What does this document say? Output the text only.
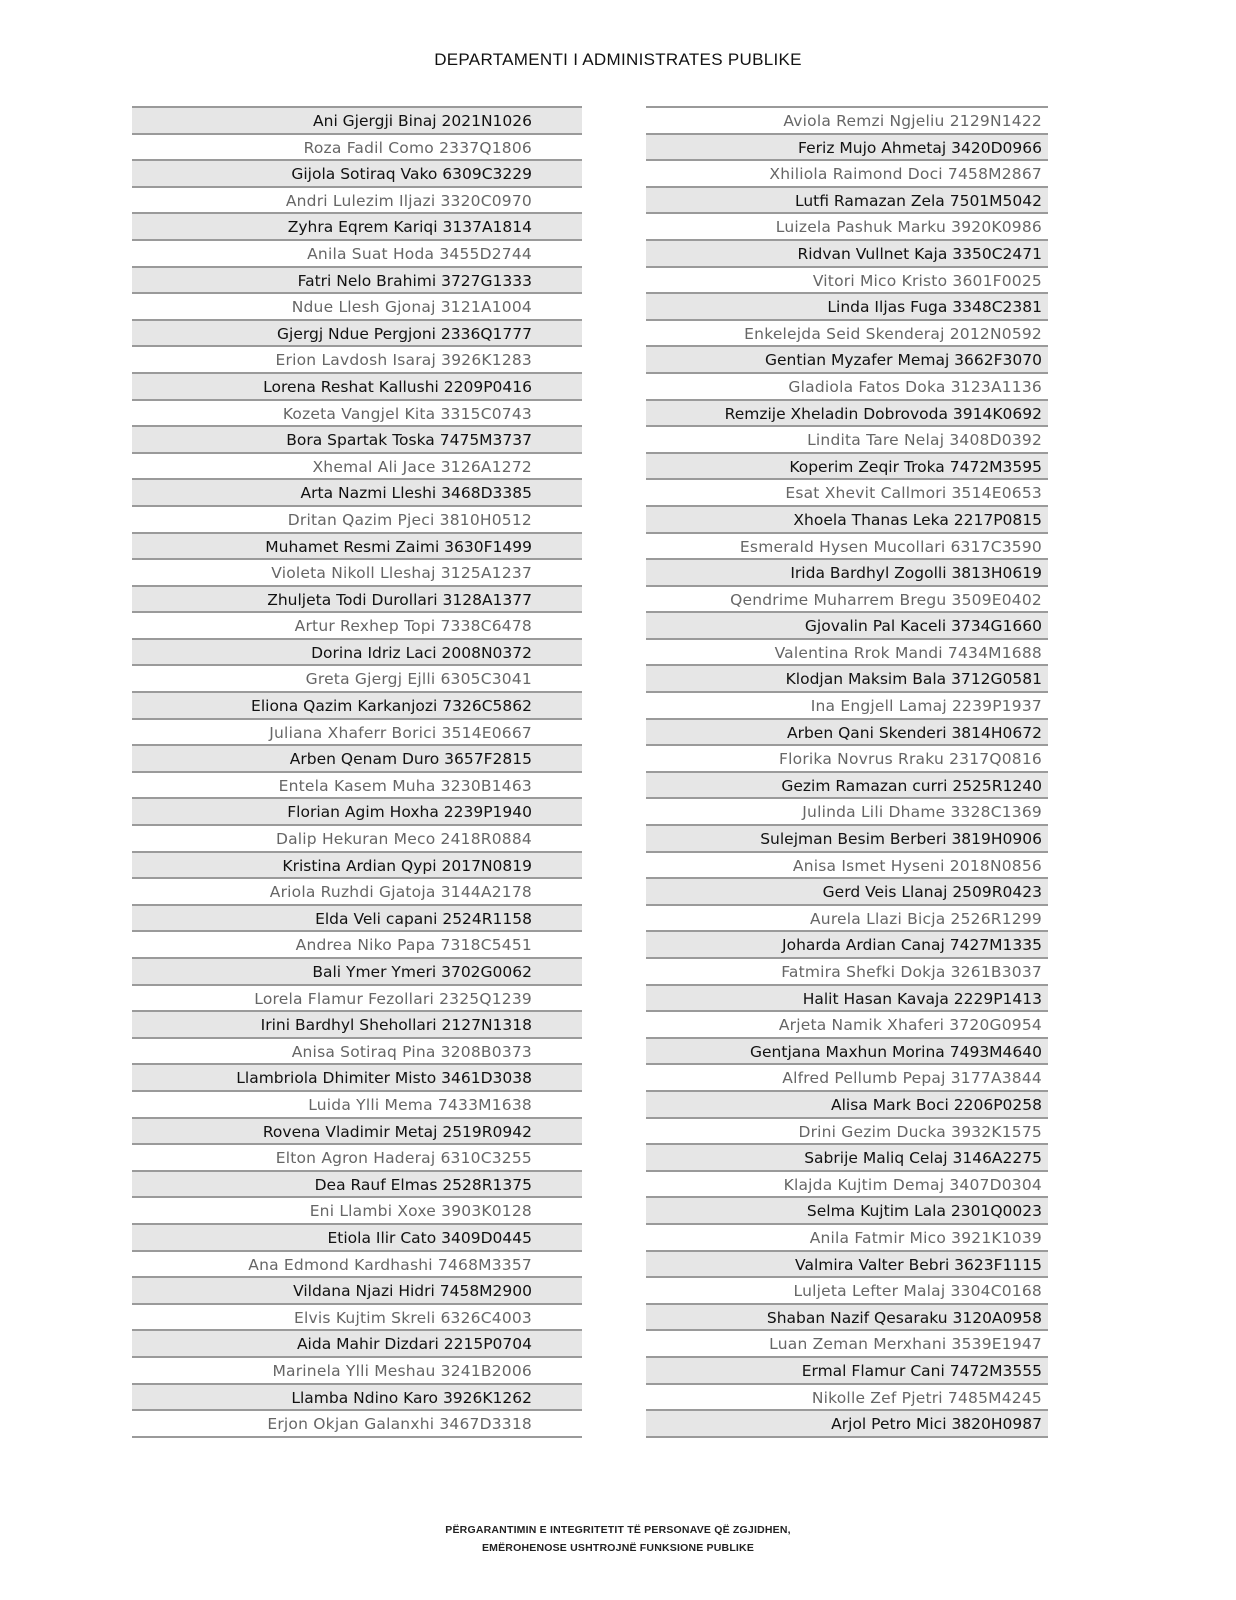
DEPARTAMENTI I ADMINISTRATES PUBLIKE
Ani Gjergji Binaj 2021N1026
Roza Fadil Como 2337Q1806
Gijola Sotiraq Vako 6309C3229
Andri Lulezim Iljazi 3320C0970
Zyhra Eqrem Kariqi 3137A1814
Anila Suat Hoda 3455D2744
Fatri Nelo Brahimi 3727G1333
Ndue Llesh Gjonaj 3121A1004
Gjergj Ndue Pergjoni 2336Q1777
Erion Lavdosh Isaraj 3926K1283
Lorena Reshat Kallushi 2209P0416
Kozeta Vangjel Kita 3315C0743
Bora Spartak Toska 7475M3737
Xhemal Ali Jace 3126A1272
Arta Nazmi Lleshi 3468D3385
Dritan Qazim Pjeci 3810H0512
Muhamet Resmi Zaimi 3630F1499
Violeta Nikoll Lleshaj 3125A1237
Zhuljeta Todi Durollari 3128A1377
Artur Rexhep Topi 7338C6478
Dorina Idriz Laci 2008N0372
Greta Gjergj Ejlli 6305C3041
Eliona Qazim Karkanjozi 7326C5862
Juliana Xhaferr Borici 3514E0667
Arben Qenam Duro 3657F2815
Entela Kasem Muha 3230B1463
Florian Agim Hoxha 2239P1940
Dalip Hekuran Meco 2418R0884
Kristina Ardian Qypi 2017N0819
Ariola Ruzhdi Gjatoja 3144A2178
Elda Veli capani 2524R1158
Andrea Niko Papa 7318C5451
Bali Ymer Ymeri 3702G0062
Lorela Flamur Fezollari 2325Q1239
Irini Bardhyl Shehollari 2127N1318
Anisa Sotiraq Pina 3208B0373
Llambriola Dhimiter Misto 3461D3038
Luida Ylli Mema 7433M1638
Rovena Vladimir Metaj 2519R0942
Elton Agron Haderaj 6310C3255
Dea Rauf Elmas 2528R1375
Eni Llambi Xoxe 3903K0128
Etiola Ilir Cato 3409D0445
Ana Edmond Kardhashi 7468M3357
Vildana Njazi Hidri 7458M2900
Elvis Kujtim Skreli 6326C4003
Aida Mahir Dizdari 2215P0704
Marinela Ylli Meshau 3241B2006
Llamba Ndino Karo 3926K1262
Erjon Okjan Galanxhi 3467D3318
Aviola Remzi Ngjeliu 2129N1422
Feriz Mujo Ahmetaj 3420D0966
Xhiliola Raimond Doci 7458M2867
Lutfi Ramazan Zela 7501M5042
Luizela Pashuk Marku 3920K0986
Ridvan Vullnet Kaja 3350C2471
Vitori Mico Kristo 3601F0025
Linda Iljas Fuga 3348C2381
Enkelejda Seid Skenderaj 2012N0592
Gentian Myzafer Memaj 3662F3070
Gladiola Fatos Doka 3123A1136
Remzije Xheladin Dobrovoda 3914K0692
Lindita Tare Nelaj 3408D0392
Koperim Zeqir Troka 7472M3595
Esat Xhevit Callmori 3514E0653
Xhoela Thanas Leka 2217P0815
Esmerald Hysen Mucollari 6317C3590
Irida Bardhyl Zogolli 3813H0619
Qendrime Muharrem Bregu 3509E0402
Gjovalin Pal Kaceli 3734G1660
Valentina Rrok Mandi 7434M1688
Klodjan Maksim Bala 3712G0581
Ina Engjell Lamaj 2239P1937
Arben Qani Skenderi 3814H0672
Florika Novrus Rraku 2317Q0816
Gezim Ramazan curri 2525R1240
Julinda Lili Dhame 3328C1369
Sulejman Besim Berberi 3819H0906
Anisa Ismet Hyseni 2018N0856
Gerd Veis Llanaj 2509R0423
Aurela Llazi Bicja 2526R1299
Joharda Ardian Canaj 7427M1335
Fatmira Shefki Dokja 3261B3037
Halit Hasan Kavaja 2229P1413
Arjeta Namik Xhaferi 3720G0954
Gentjana Maxhun Morina 7493M4640
Alfred Pellumb Pepaj 3177A3844
Alisa Mark Boci 2206P0258
Drini Gezim Ducka 3932K1575
Sabrije Maliq Celaj 3146A2275
Klajda Kujtim Demaj 3407D0304
Selma Kujtim Lala 2301Q0023
Anila Fatmir Mico 3921K1039
Valmira Valter Bebri 3623F1115
Luljeta Lefter Malaj 3304C0168
Shaban Nazif Qesaraku 3120A0958
Luan Zeman Merxhani 3539E1947
Ermal Flamur Cani 7472M3555
Nikolle Zef Pjetri 7485M4245
Arjol Petro Mici 3820H0987
PËRGARANTIMIN E INTEGRITETIT TË PERSONAVE QË ZGJIDHEN,
EMËROHENOSE USHTROJNË FUNKSIONE PUBLIKE
